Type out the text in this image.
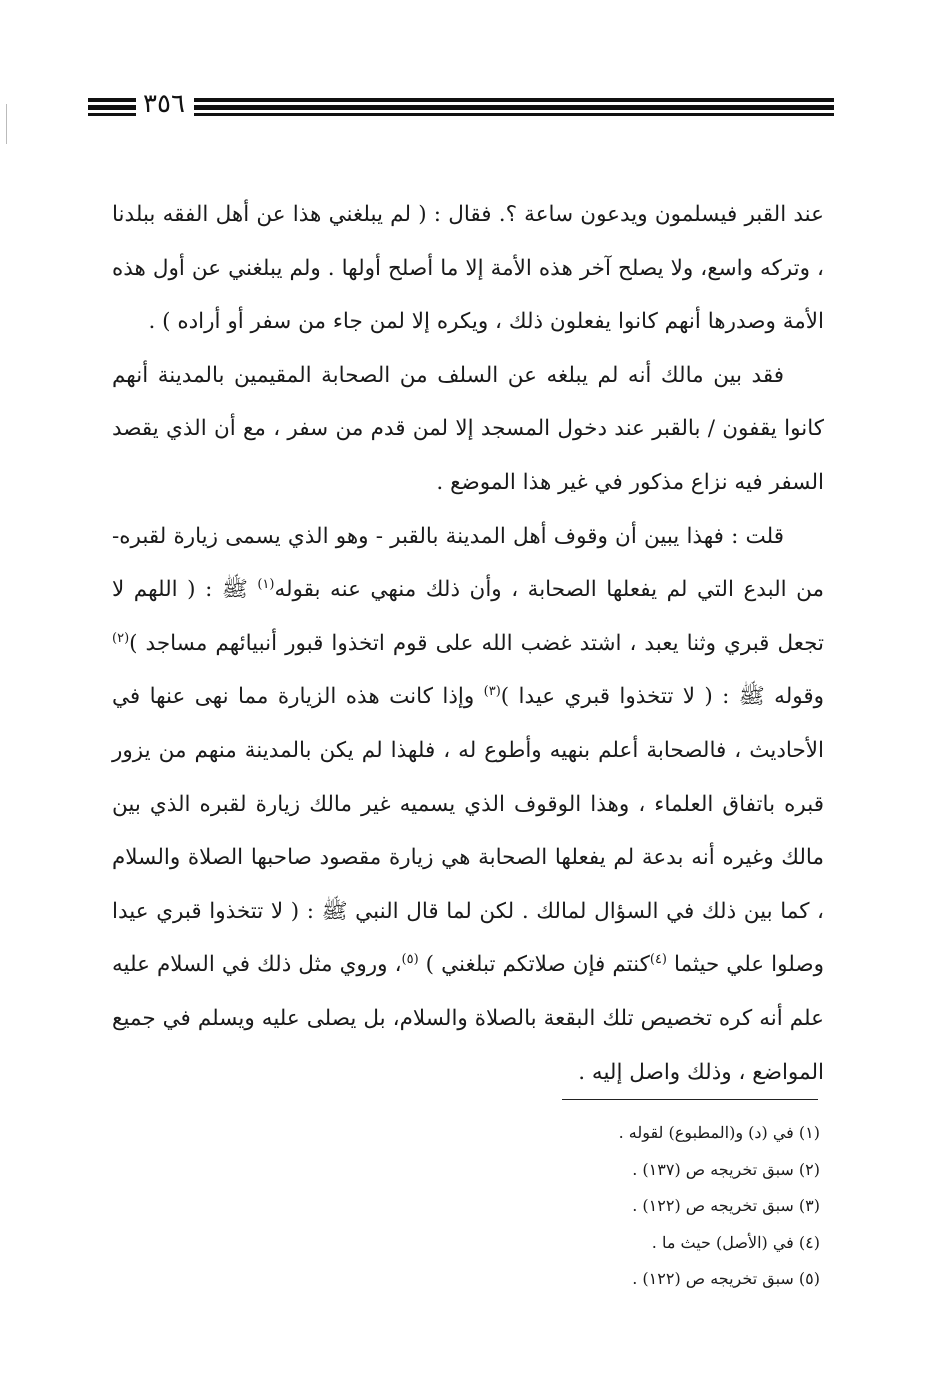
٣٥٦

عند القبر فيسلمون ويدعون ساعة ؟. فقال : ( لم يبلغني هذا عن أهل الفقه ببلدنا ، وتركه واسع، ولا يصلح آخر هذه الأمة إلا ما أصلح أولها . ولم يبلغني عن أول هذه الأمة وصدرها أنهم كانوا يفعلون ذلك ، ويكره إلا لمن جاء من سفر أو أراده ) .

فقد بين مالك أنه لم يبلغه عن السلف من الصحابة المقيمين بالمدينة أنهم كانوا يقفون / بالقبر عند دخول المسجد إلا لمن قدم من سفر ، مع أن الذي يقصد السفر فيه نزاع مذكور في غير هذا الموضع .

قلت : فهذا يبين أن وقوف أهل المدينة بالقبر - وهو الذي يسمى زيارة لقبره- من البدع التي لم يفعلها الصحابة ، وأن ذلك منهي عنه بقوله$^{(١)}$ ﷺ : ( اللهم لا تجعل قبري وثنا يعبد ، اشتد غضب الله على قوم اتخذوا قبور أنبيائهم مساجد )$^{(٢)}$ وقوله ﷺ : ( لا تتخذوا قبري عيدا )$^{(٣)}$ وإذا كانت هذه الزيارة مما نهى عنها في الأحاديث ، فالصحابة أعلم بنهيه وأطوع له ، فلهذا لم يكن بالمدينة منهم من يزور قبره باتفاق العلماء ، وهذا الوقوف الذي يسميه غير مالك زيارة لقبره الذي بين مالك وغيره أنه بدعة لم يفعلها الصحابة هي زيارة مقصود صاحبها الصلاة والسلام ، كما بين ذلك في السؤال لمالك . لكن لما قال النبي ﷺ : ( لا تتخذوا قبري عيدا وصلوا علي حيثما $^{(٤)}$كنتم فإن صلاتكم تبلغني ) $^{(٥)}$، وروي مثل ذلك في السلام عليه علم أنه كره تخصيص تلك البقعة بالصلاة والسلام، بل يصلى عليه ويسلم في جميع المواضع ، وذلك واصل إليه .

(١) في (د) و(المطبوع) لقوله .
(٢) سبق تخريجه ص (١٣٧) .
(٣) سبق تخريجه ص (١٢٢) .
(٤) في (الأصل) حيث ما .
(٥) سبق تخريجه ص (١٢٢) .
